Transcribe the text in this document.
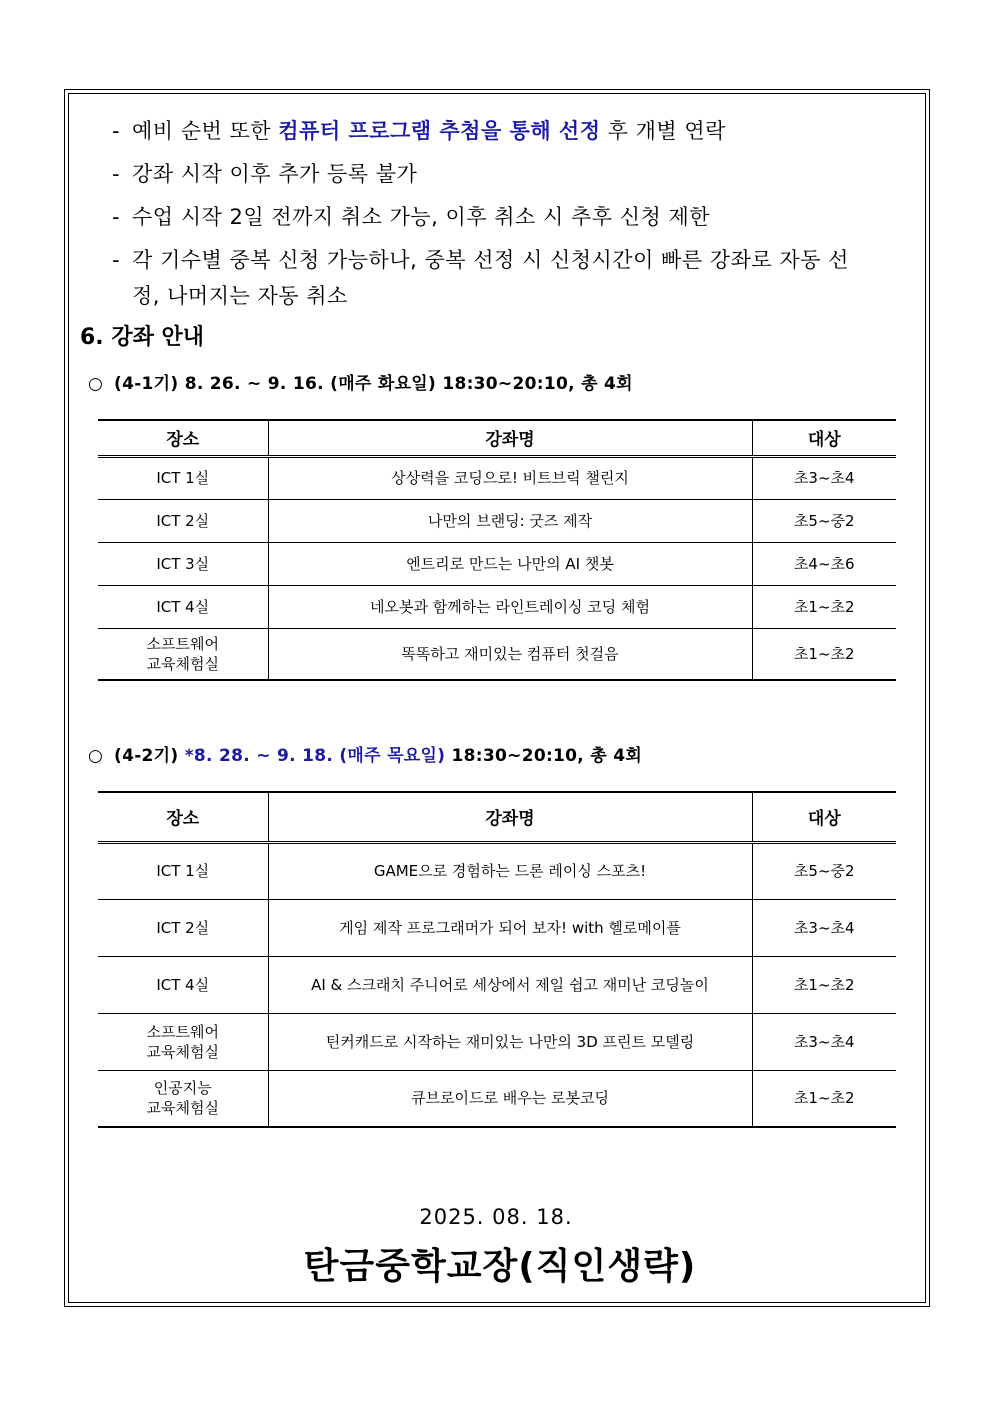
- 예비 순번 또한 컴퓨터 프로그램 추첨을 통해 선정 후 개별 연락
- 강좌 시작 이후 추가 등록 불가
- 수업 시작 2일 전까지 취소 가능, 이후 취소 시 추후 신청 제한
- 각 기수별 중복 신청 가능하나, 중복 선정 시 신청시간이 빠른 강좌로 자동 선
정, 나머지는 자동 취소
6. 강좌 안내
○ (4-1기) 8. 26. ~ 9. 16. (매주 화요일) 18:30~20:10, 총 4회
장소	강좌명	대상
ICT 1실	상상력을 코딩으로! 비트브릭 챌린지	초3~초4
ICT 2실	나만의 브랜딩: 굿즈 제작	초5~중2
ICT 3실	엔트리로 만드는 나만의 AI 챗봇	초4~초6
ICT 4실	네오봇과 함께하는 라인트레이싱 코딩 체험	초1~초2
소프트웨어
교육체험실	똑똑하고 재미있는 컴퓨터 첫걸음	초1~초2
○ (4-2기) *8. 28. ~ 9. 18. (매주 목요일) 18:30~20:10, 총 4회
장소	강좌명	대상
ICT 1실	GAME으로 경험하는 드론 레이싱 스포츠!	초5~중2
ICT 2실	게임 제작 프로그래머가 되어 보자! with 헬로메이플	초3~초4
ICT 4실	AI & 스크래치 주니어로 세상에서 제일 쉽고 재미난 코딩놀이	초1~초2
소프트웨어
교육체험실	틴커캐드로 시작하는 재미있는 나만의 3D 프린트 모델링	초3~초4
인공지능
교육체험실	큐브로이드로 배우는 로봇코딩	초1~초2
2025. 08. 18.
탄금중학교장(직인생략)
